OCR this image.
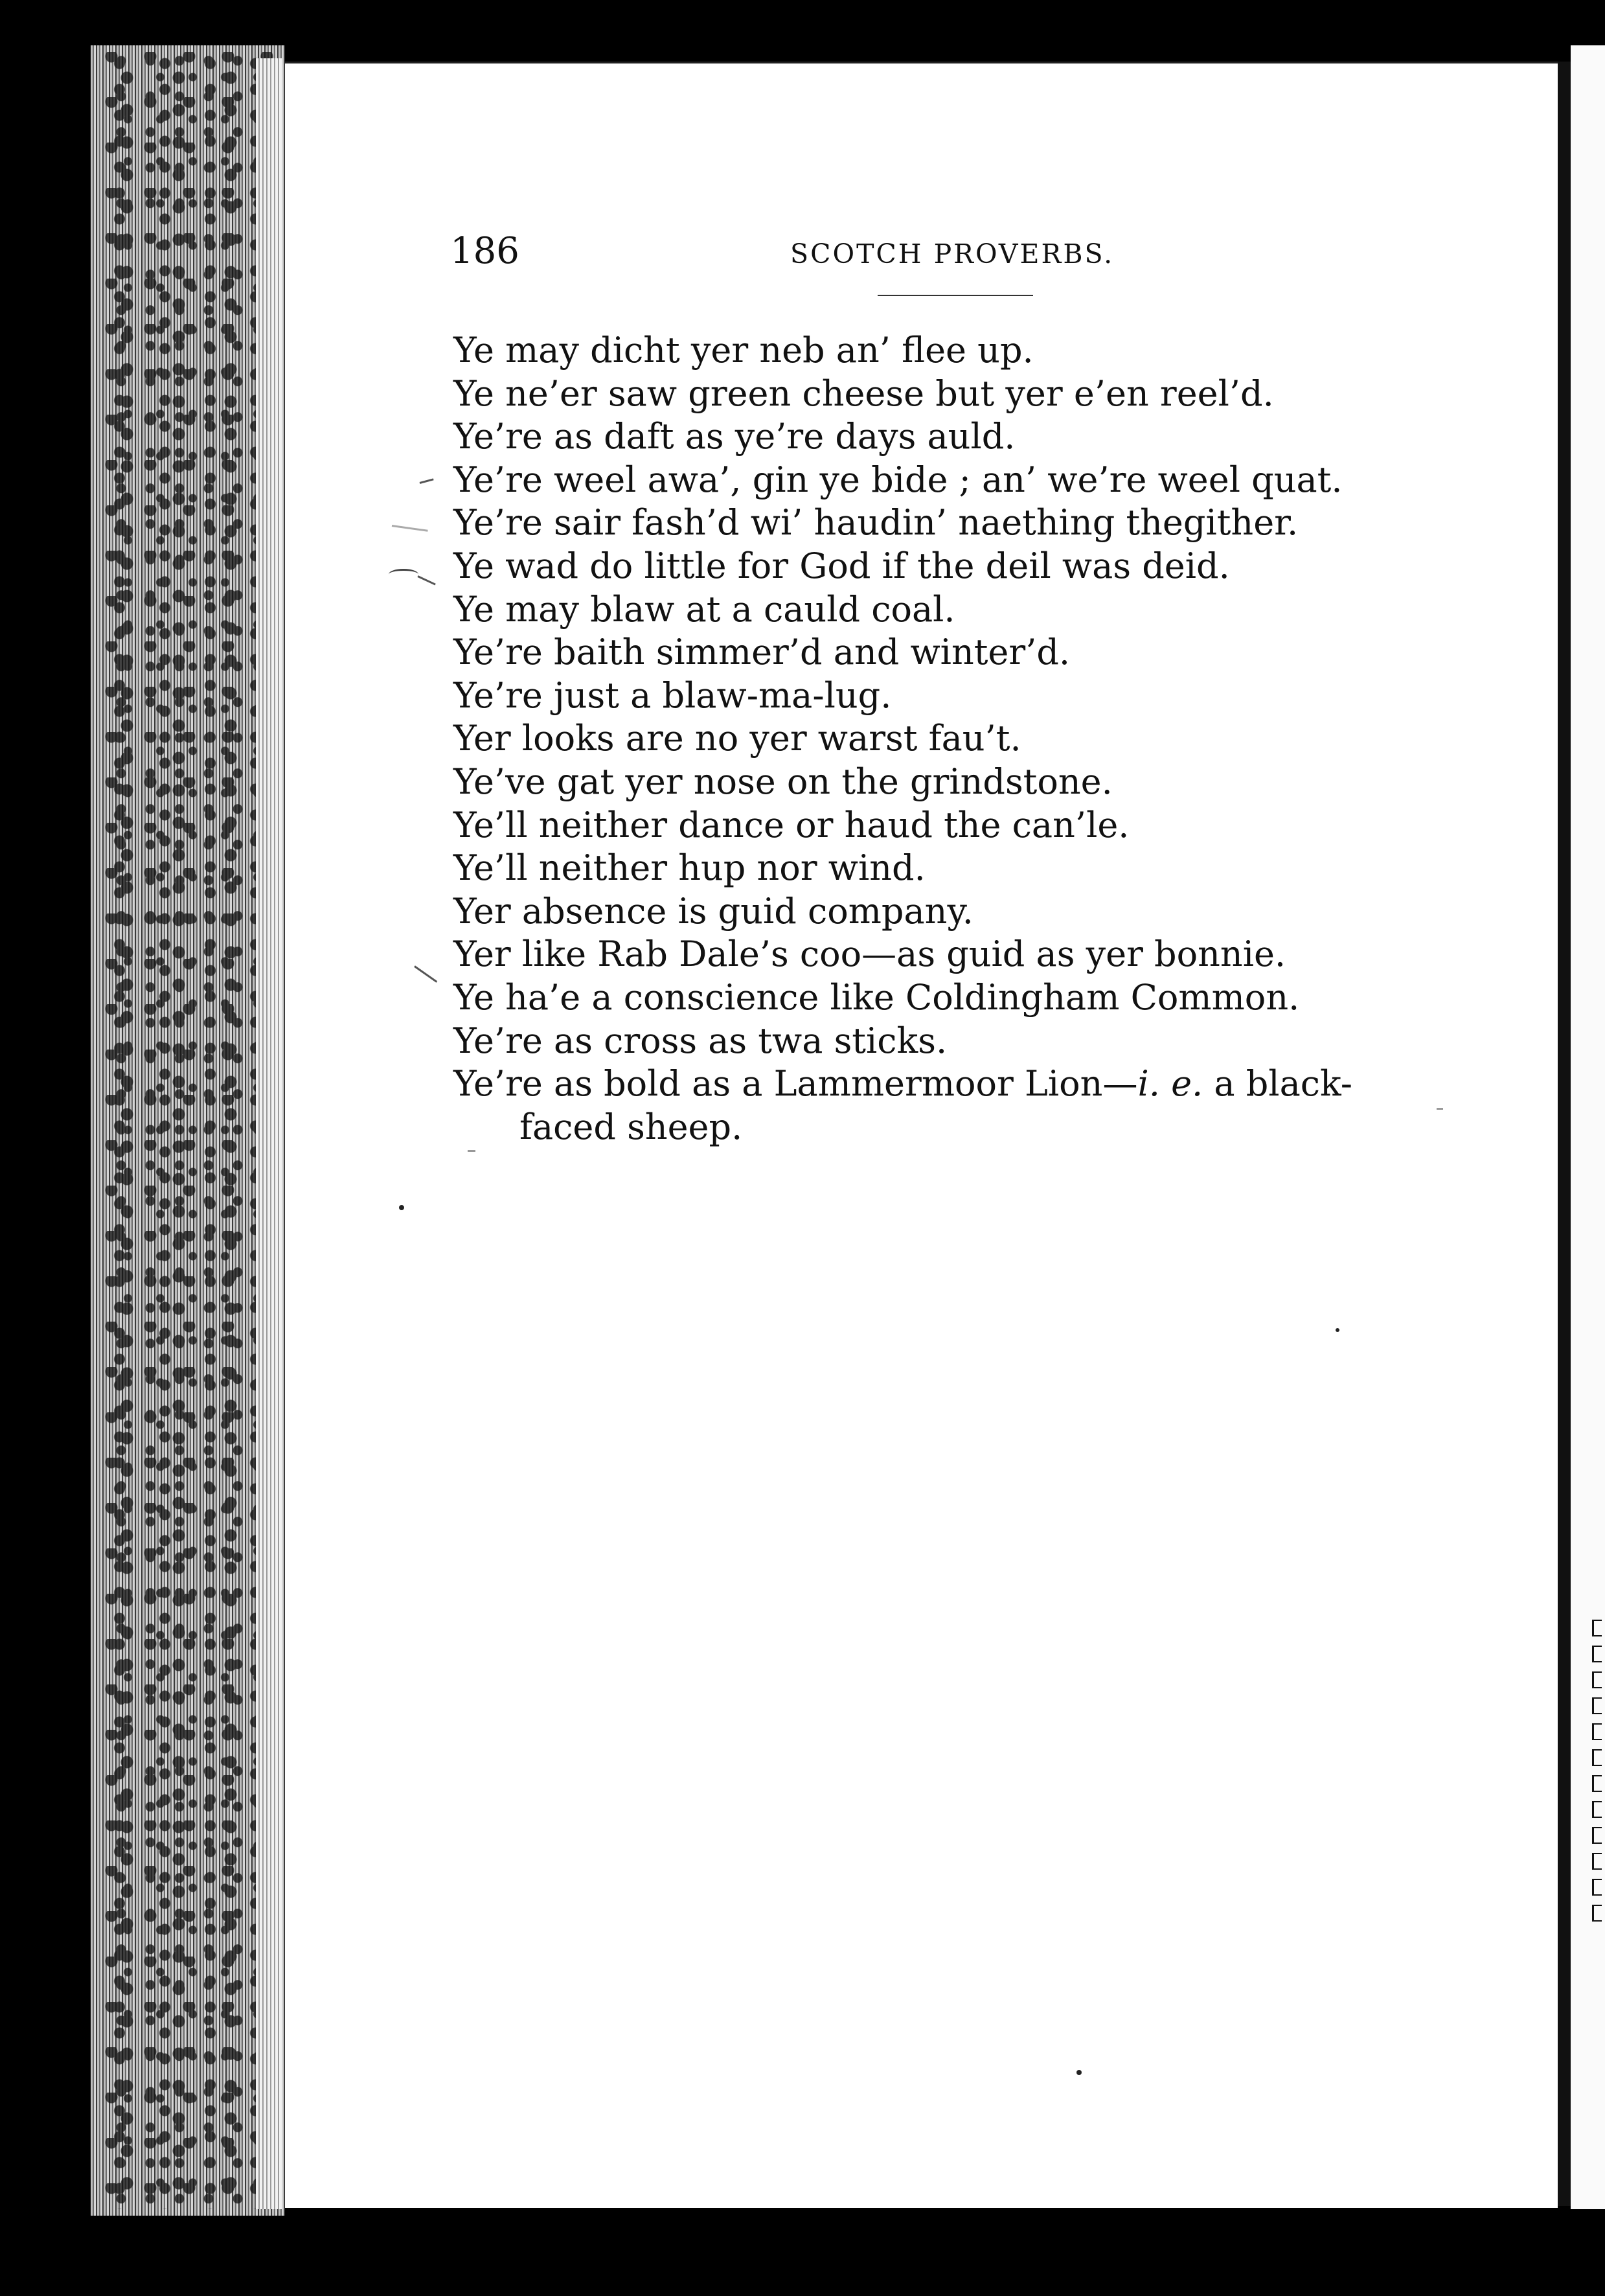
186	SCOTCH PROVERBS.
Ye may dicht yer neb an’ flee up.
Ye ne’er saw green cheese but yer e’en reel’d.
Ye’re as daft as ye’re days auld.
Ye’re weel awa’, gin ye bide ; an’ we’re weel quat.
Ye’re sair fash’d wi’ haudin’ naething thegither.
Ye wad do little for God if the deil was deid.
Ye may blaw at a cauld coal.
Ye’re baith simmer’d and winter’d.
Ye’re just a blaw-ma-lug.
Yer looks are no yer warst fau’t.
Ye’ve gat yer nose on the grindstone.
Ye’ll neither dance or haud the can’le.
Ye’ll neither hup nor wind.
Yer absence is guid company.
Yer like Rab Dale’s coo—as guid as yer bonnie.
Ye ha’e a conscience like Coldingham Common.
Ye’re as cross as twa sticks.
Ye’re as bold as a Lammermoor Lion—i. e. a black-
faced sheep.
